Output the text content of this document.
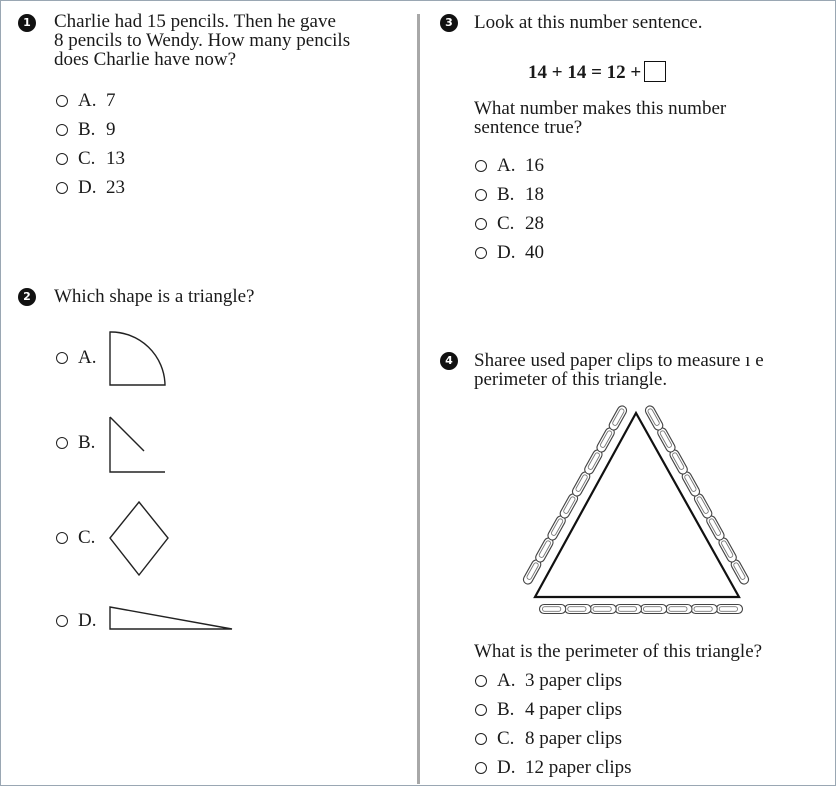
1 Charlie had 15 pencils. Then he gave
8 pencils to Wendy. How many pencils
does Charlie have now?
A. 7
B. 9
C. 13
D. 23
2 Which shape is a triangle?
A.
B.
C.
D.
3 Look at this number sentence.
14 + 14 = 12 +
What number makes this number
sentence true?
A. 16
B. 18
C. 28
D. 40
4 Sharee used paper clips to measure ı e
perimeter of this triangle.
What is the perimeter of this triangle?
A. 3 paper clips
B. 4 paper clips
C. 8 paper clips
D. 12 paper clips
